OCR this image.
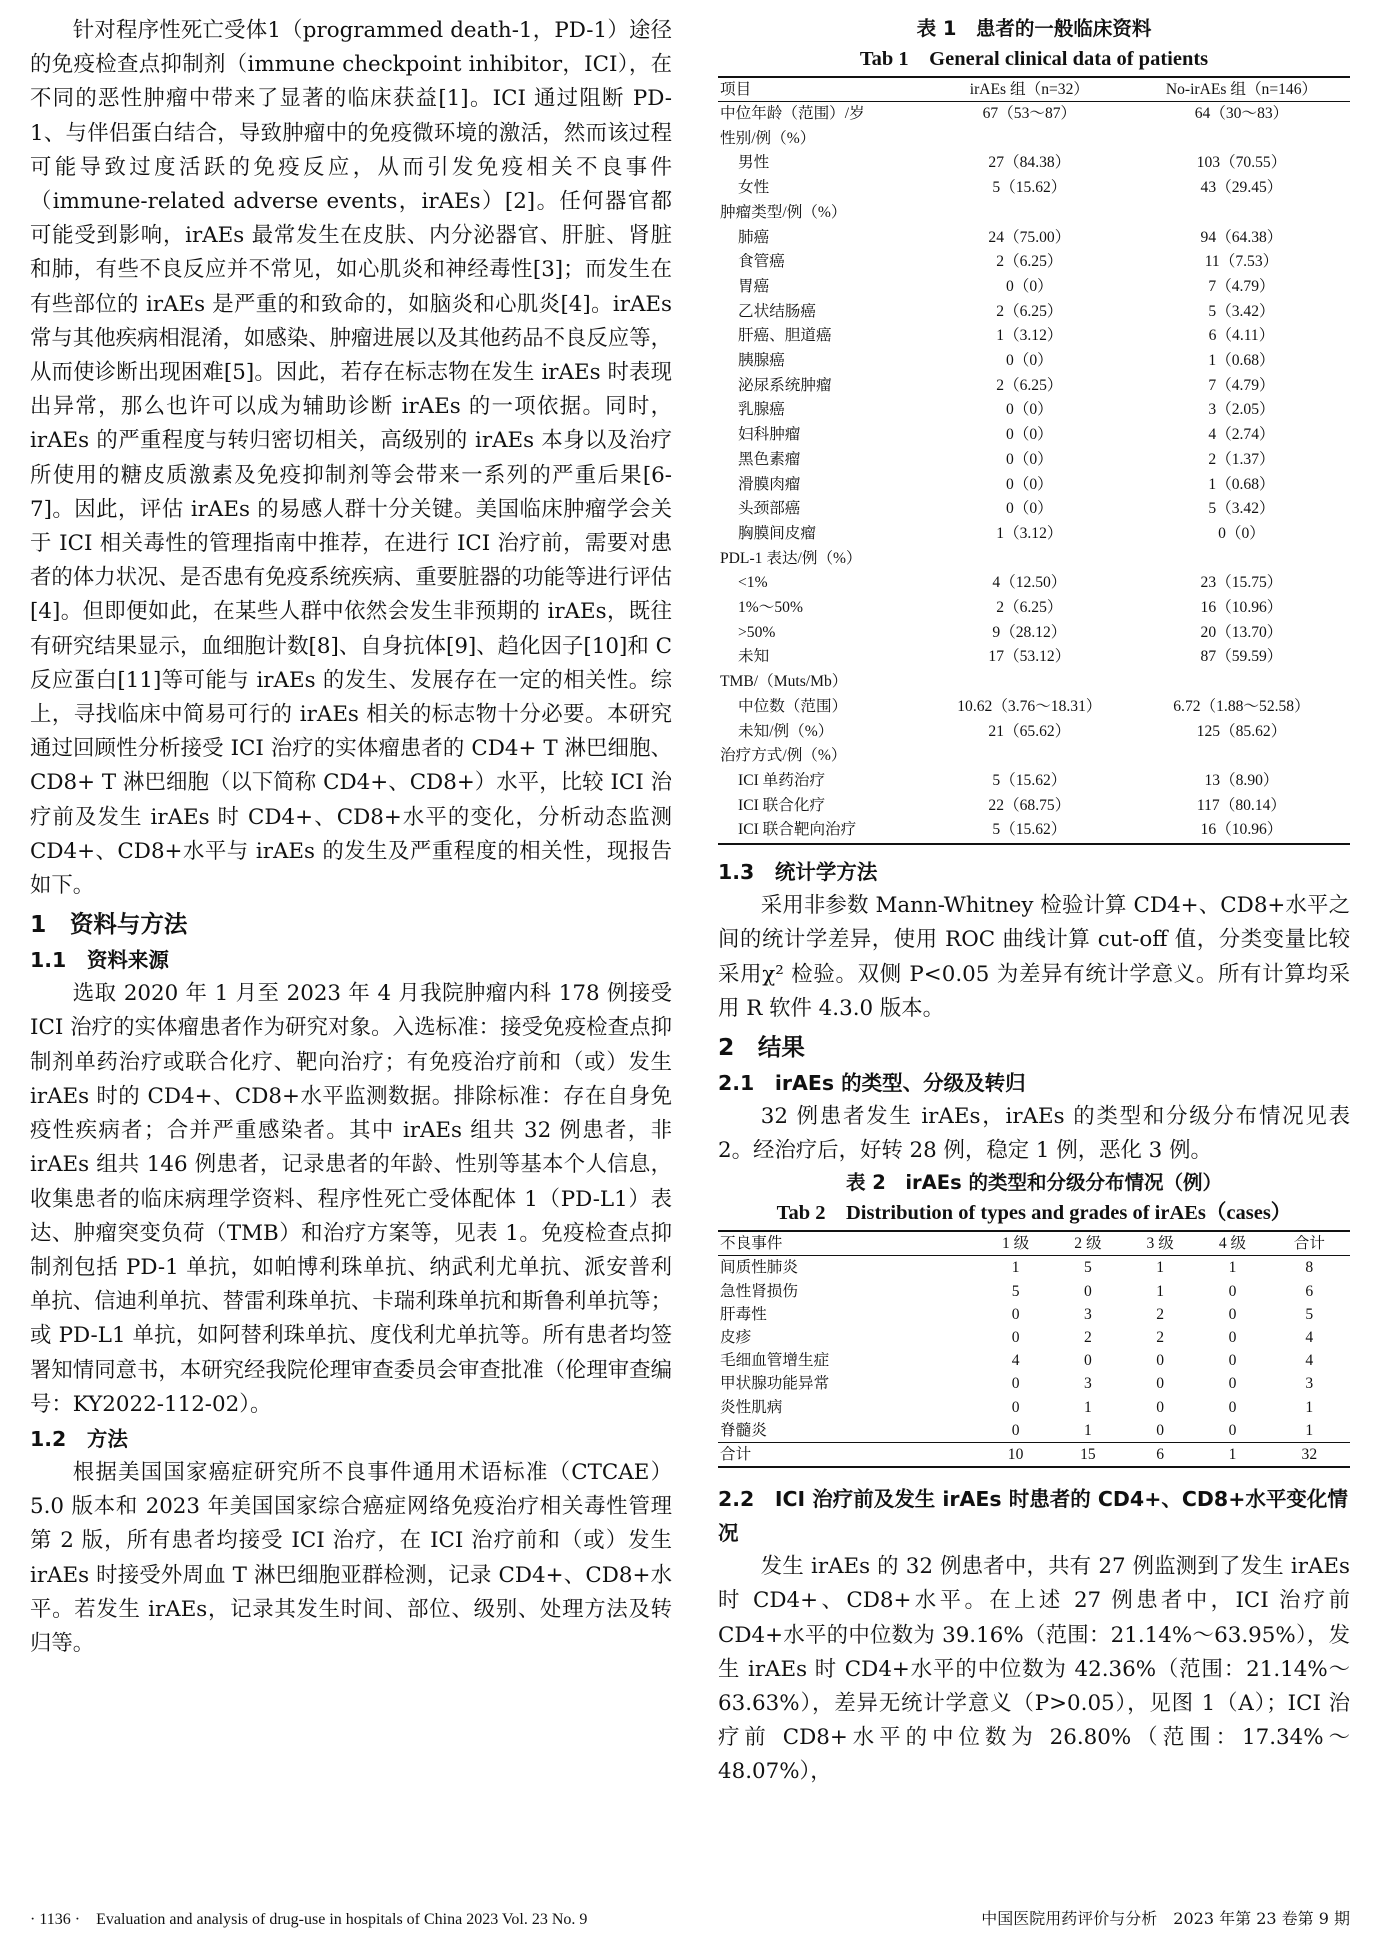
针对程序性死亡受体1（programmed death-1，PD-1）途径的免疫检查点抑制剂（immune checkpoint inhibitor，ICI），在不同的恶性肿瘤中带来了显著的临床获益[1]。ICI 通过阻断 PD-1、与伴侣蛋白结合，导致肿瘤中的免疫微环境的激活，然而该过程可能导致过度活跃的免疫反应，从而引发免疫相关不良事件（immune-related adverse events，irAEs）[2]。任何器官都可能受到影响，irAEs 最常发生在皮肤、内分泌器官、肝脏、肾脏和肺，有些不良反应并不常见，如心肌炎和神经毒性[3]；而发生在有些部位的 irAEs 是严重的和致命的，如脑炎和心肌炎[4]。irAEs 常与其他疾病相混淆，如感染、肿瘤进展以及其他药品不良反应等，从而使诊断出现困难[5]。因此，若存在标志物在发生 irAEs 时表现出异常，那么也许可以成为辅助诊断 irAEs 的一项依据。同时，irAEs 的严重程度与转归密切相关，高级别的 irAEs 本身以及治疗所使用的糖皮质激素及免疫抑制剂等会带来一系列的严重后果[6-7]。因此，评估 irAEs 的易感人群十分关键。美国临床肿瘤学会关于 ICI 相关毒性的管理指南中推荐，在进行 ICI 治疗前，需要对患者的体力状况、是否患有免疫系统疾病、重要脏器的功能等进行评估[4]。但即便如此，在某些人群中依然会发生非预期的 irAEs，既往有研究结果显示，血细胞计数[8]、自身抗体[9]、趋化因子[10]和 C 反应蛋白[11]等可能与 irAEs 的发生、发展存在一定的相关性。综上，寻找临床中简易可行的 irAEs 相关的标志物十分必要。本研究通过回顾性分析接受 ICI 治疗的实体瘤患者的 CD4+ T 淋巴细胞、CD8+ T 淋巴细胞（以下简称 CD4+、CD8+）水平，比较 ICI 治疗前及发生 irAEs 时 CD4+、CD8+水平的变化，分析动态监测 CD4+、CD8+水平与 irAEs 的发生及严重程度的相关性，现报告如下。

1　资料与方法
1.1　资料来源

选取 2020 年 1 月至 2023 年 4 月我院肿瘤内科 178 例接受 ICI 治疗的实体瘤患者作为研究对象。入选标准：接受免疫检查点抑制剂单药治疗或联合化疗、靶向治疗；有免疫治疗前和（或）发生 irAEs 时的 CD4+、CD8+水平监测数据。排除标准：存在自身免疫性疾病者；合并严重感染者。其中 irAEs 组共 32 例患者，非 irAEs 组共 146 例患者，记录患者的年龄、性别等基本个人信息，收集患者的临床病理学资料、程序性死亡受体配体 1（PD-L1）表达、肿瘤突变负荷（TMB）和治疗方案等，见表 1。免疫检查点抑制剂包括 PD-1 单抗，如帕博利珠单抗、纳武利尤单抗、派安普利单抗、信迪利单抗、替雷利珠单抗、卡瑞利珠单抗和斯鲁利单抗等；或 PD-L1 单抗，如阿替利珠单抗、度伐利尤单抗等。所有患者均签署知情同意书，本研究经我院伦理审查委员会审查批准（伦理审查编号：KY2022-112-02）。

1.2　方法

根据美国国家癌症研究所不良事件通用术语标准（CTCAE）5.0 版本和 2023 年美国国家综合癌症网络免疫治疗相关毒性管理第 2 版，所有患者均接受 ICI 治疗，在 ICI 治疗前和（或）发生 irAEs 时接受外周血 T 淋巴细胞亚群检测，记录 CD4+、CD8+水平。若发生 irAEs，记录其发生时间、部位、级别、处理方法及转归等。

表 1　患者的一般临床资料
Tab 1　General clinical data of patients
项目	irAEs 组（n=32）	No-irAEs 组（n=146）
中位年龄（范围）/岁	67（53～87）	64（30～83）
性别/例（%）		
男性	27（84.38）	103（70.55）
女性	5（15.62）	43（29.45）
肿瘤类型/例（%）		
肺癌	24（75.00）	94（64.38）
食管癌	2（6.25）	11（7.53）
胃癌	0（0）	7（4.79）
乙状结肠癌	2（6.25）	5（3.42）
肝癌、胆道癌	1（3.12）	6（4.11）
胰腺癌	0（0）	1（0.68）
泌尿系统肿瘤	2（6.25）	7（4.79）
乳腺癌	0（0）	3（2.05）
妇科肿瘤	0（0）	4（2.74）
黑色素瘤	0（0）	2（1.37）
滑膜肉瘤	0（0）	1（0.68）
头颈部癌	0（0）	5（3.42）
胸膜间皮瘤	1（3.12）	0（0）
PDL-1 表达/例（%）		
<1%	4（12.50）	23（15.75）
1%～50%	2（6.25）	16（10.96）
>50%	9（28.12）	20（13.70）
未知	17（53.12）	87（59.59）
TMB/（Muts/Mb）		
中位数（范围）	10.62（3.76～18.31）	6.72（1.88～52.58）
未知/例（%）	21（65.62）	125（85.62）
治疗方式/例（%）		
ICI 单药治疗	5（15.62）	13（8.90）
ICI 联合化疗	22（68.75）	117（80.14）
ICI 联合靶向治疗	5（15.62）	16（10.96）
1.3　统计学方法

采用非参数 Mann-Whitney 检验计算 CD4+、CD8+水平之间的统计学差异，使用 ROC 曲线计算 cut-off 值，分类变量比较采用χ² 检验。双侧 P<0.05 为差异有统计学意义。所有计算均采用 R 软件 4.3.0 版本。

2　结果
2.1　irAEs 的类型、分级及转归

32 例患者发生 irAEs，irAEs 的类型和分级分布情况见表 2。经治疗后，好转 28 例，稳定 1 例，恶化 3 例。

表 2　irAEs 的类型和分级分布情况（例）
Tab 2　Distribution of types and grades of irAEs（cases）
不良事件	1 级	2 级	3 级	4 级	合计
间质性肺炎	1	5	1	1	8
急性肾损伤	5	0	1	0	6
肝毒性	0	3	2	0	5
皮疹	0	2	2	0	4
毛细血管增生症	4	0	0	0	4
甲状腺功能异常	0	3	0	0	3
炎性肌病	0	1	0	0	1
脊髓炎	0	1	0	0	1
合计	10	15	6	1	32
2.2　ICI 治疗前及发生 irAEs 时患者的 CD4+、CD8+水平变化情况

发生 irAEs 的 32 例患者中，共有 27 例监测到了发生 irAEs 时 CD4+、CD8+水平。在上述 27 例患者中，ICI 治疗前 CD4+水平的中位数为 39.16%（范围：21.14%～63.95%），发生 irAEs 时 CD4+水平的中位数为 42.36%（范围：21.14%～63.63%），差异无统计学意义（P>0.05），见图 1（A）；ICI 治疗前 CD8+水平的中位数为 26.80%（范围：17.34%～48.07%），

· 1136 ·　Evaluation and analysis of drug-use in hospitals of China 2023 Vol. 23 No. 9	中国医院用药评价与分析　2023 年第 23 卷第 9 期
